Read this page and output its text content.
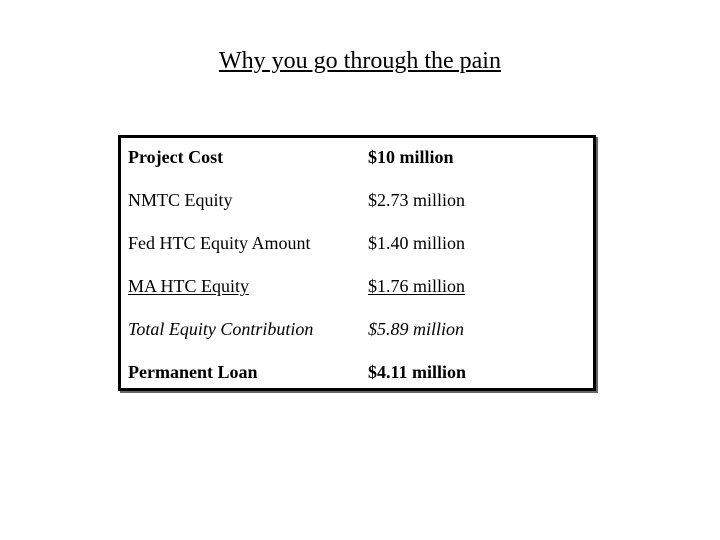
Why you go through the pain
Project Cost	$10 million
NMTC Equity	$2.73 million
Fed HTC Equity Amount	$1.40 million
MA HTC Equity	$1.76 million
Total Equity Contribution	$5.89 million
Permanent Loan	$4.11 million
